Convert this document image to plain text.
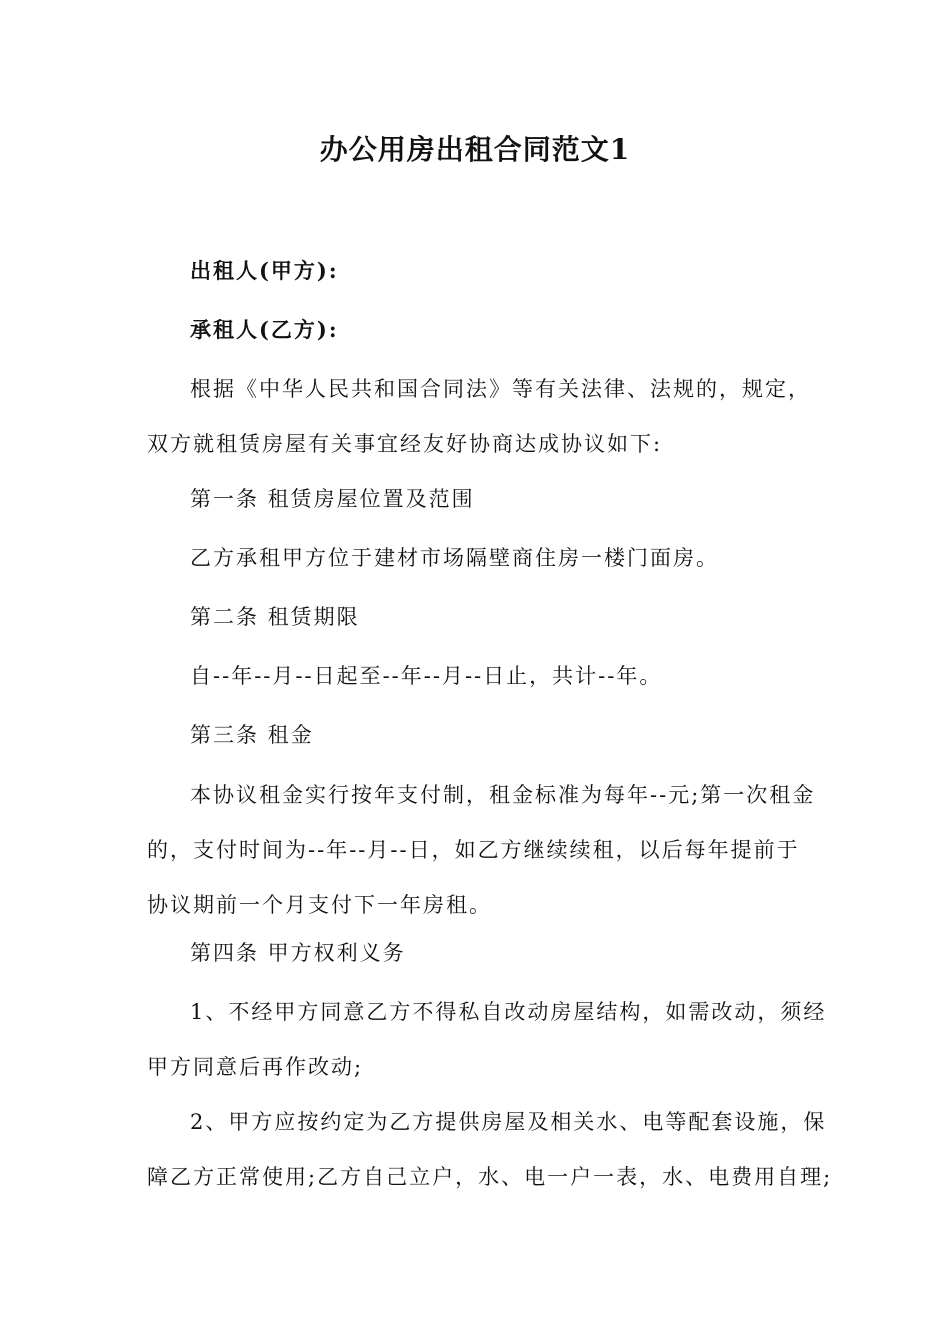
办公用房出租合同范文1
出租人(甲方):
承租人(乙方):
根据《中华人民共和国合同法》等有关法律、法规的，规定，
双方就租赁房屋有关事宜经友好协商达成协议如下:
第一条 租赁房屋位置及范围
乙方承租甲方位于建材市场隔壁商住房一楼门面房。
第二条 租赁期限
自--年--月--日起至--年--月--日止，共计--年。
第三条 租金
本协议租金实行按年支付制，租金标准为每年--元;第一次租金
的，支付时间为--年--月--日，如乙方继续续租，以后每年提前于
协议期前一个月支付下一年房租。
第四条 甲方权利义务
1、不经甲方同意乙方不得私自改动房屋结构，如需改动，须经
甲方同意后再作改动;
2、甲方应按约定为乙方提供房屋及相关水、电等配套设施，保
障乙方正常使用;乙方自己立户，水、电一户一表，水、电费用自理;
